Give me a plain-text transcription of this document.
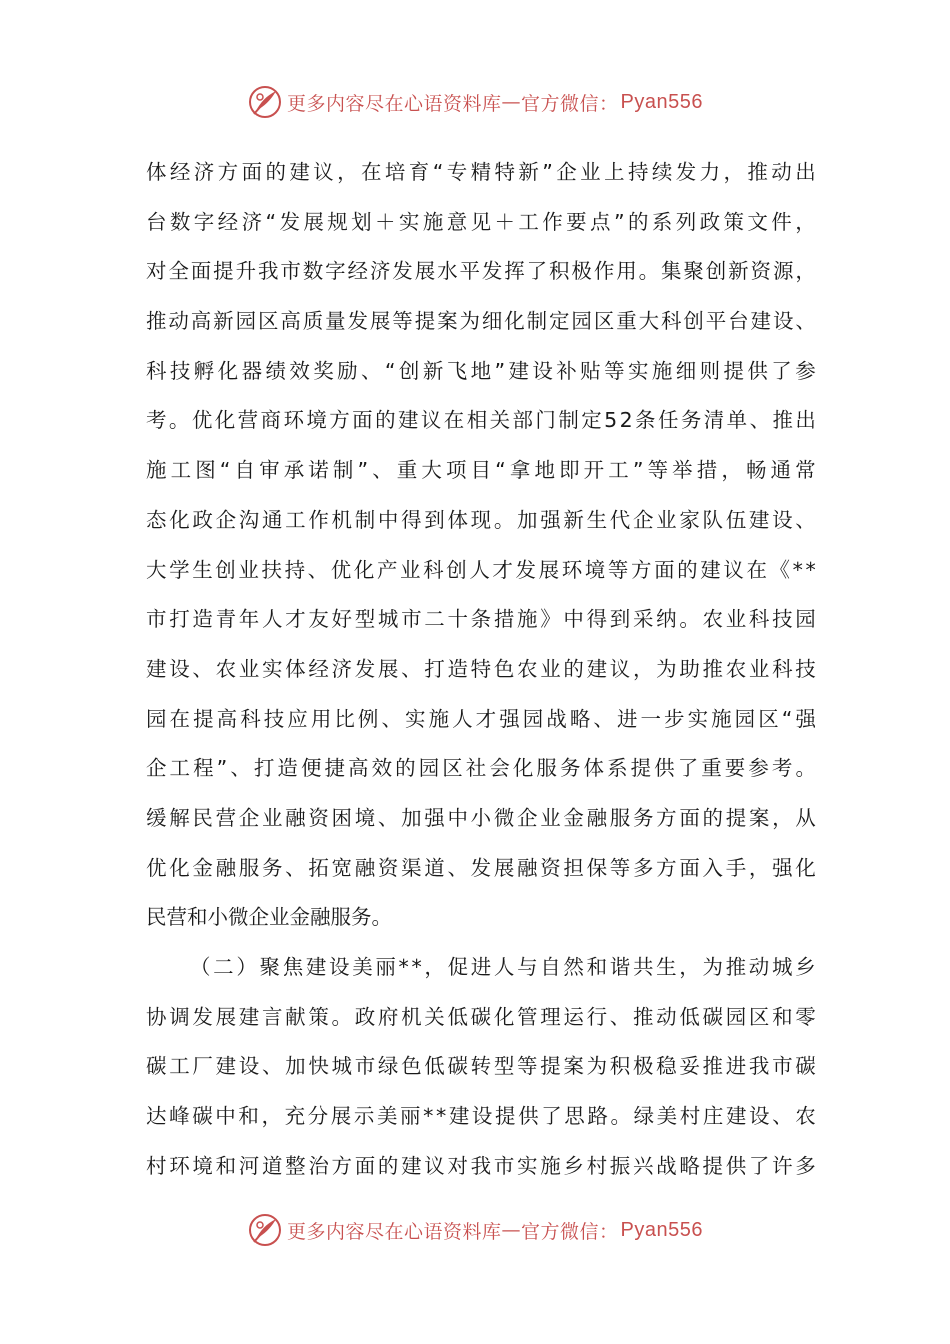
更多内容尽在心语资料库 — 官方微信： Pyan556
体 经 济 方 面 的 建 议 ， 在 培 育 “ 专 精 特 新 ” 企 业 上 持 续 发 力 ， 推 动 出
台 数 字 经 济 “ 发 展 规 划 ＋ 实 施 意 见 ＋ 工 作 要 点 ” 的 系 列 政 策 文 件 ，
对 全 面 提 升 我 市 数 字 经 济 发 展 水 平 发 挥 了 积 极 作 用 。 集 聚 创 新 资 源 ，
推 动 高 新 园 区 高 质 量 发 展 等 提 案 为 细 化 制 定 园 区 重 大 科 创 平 台 建 设 、
科 技 孵 化 器 绩 效 奖 励 、 “ 创 新 飞 地 ” 建 设 补 贴 等 实 施 细 则 提 供 了 参
考 。 优 化 营 商 环 境 方 面 的 建 议 在 相 关 部 门 制 定 5 2 条 任 务 清 单 、 推 出
施 工 图 “ 自 审 承 诺 制 ” 、 重 大 项 目 “ 拿 地 即 开 工 ” 等 举 措 ， 畅 通 常
态 化 政 企 沟 通 工 作 机 制 中 得 到 体 现 。 加 强 新 生 代 企 业 家 队 伍 建 设 、
大 学 生 创 业 扶 持 、 优 化 产 业 科 创 人 才 发 展 环 境 等 方 面 的 建 议 在 《 * *
市 打 造 青 年 人 才 友 好 型 城 市 二 十 条 措 施 》 中 得 到 采 纳 。 农 业 科 技 园
建 设 、 农 业 实 体 经 济 发 展 、 打 造 特 色 农 业 的 建 议 ， 为 助 推 农 业 科 技
园 在 提 高 科 技 应 用 比 例 、 实 施 人 才 强 园 战 略 、 进 一 步 实 施 园 区 “ 强
企 工 程 ” 、 打 造 便 捷 高 效 的 园 区 社 会 化 服 务 体 系 提 供 了 重 要 参 考 。
缓 解 民 营 企 业 融 资 困 境 、 加 强 中 小 微 企 业 金 融 服 务 方 面 的 提 案 ， 从
优 化 金 融 服 务 、 拓 宽 融 资 渠 道 、 发 展 融 资 担 保 等 多 方 面 入 手 ， 强 化
民营和小微企业金融服务。
（ 二 ） 聚 焦 建 设 美 丽 * * ， 促 进 人 与 自 然 和 谐 共 生 ， 为 推 动 城 乡
协 调 发 展 建 言 献 策 。 政 府 机 关 低 碳 化 管 理 运 行 、 推 动 低 碳 园 区 和 零
碳 工 厂 建 设 、 加 快 城 市 绿 色 低 碳 转 型 等 提 案 为 积 极 稳 妥 推 进 我 市 碳
达 峰 碳 中 和 ， 充 分 展 示 美 丽 * * 建 设 提 供 了 思 路 。 绿 美 村 庄 建 设 、 农
村 环 境 和 河 道 整 治 方 面 的 建 议 对 我 市 实 施 乡 村 振 兴 战 略 提 供 了 许 多
更多内容尽在心语资料库 — 官方微信： Pyan556
